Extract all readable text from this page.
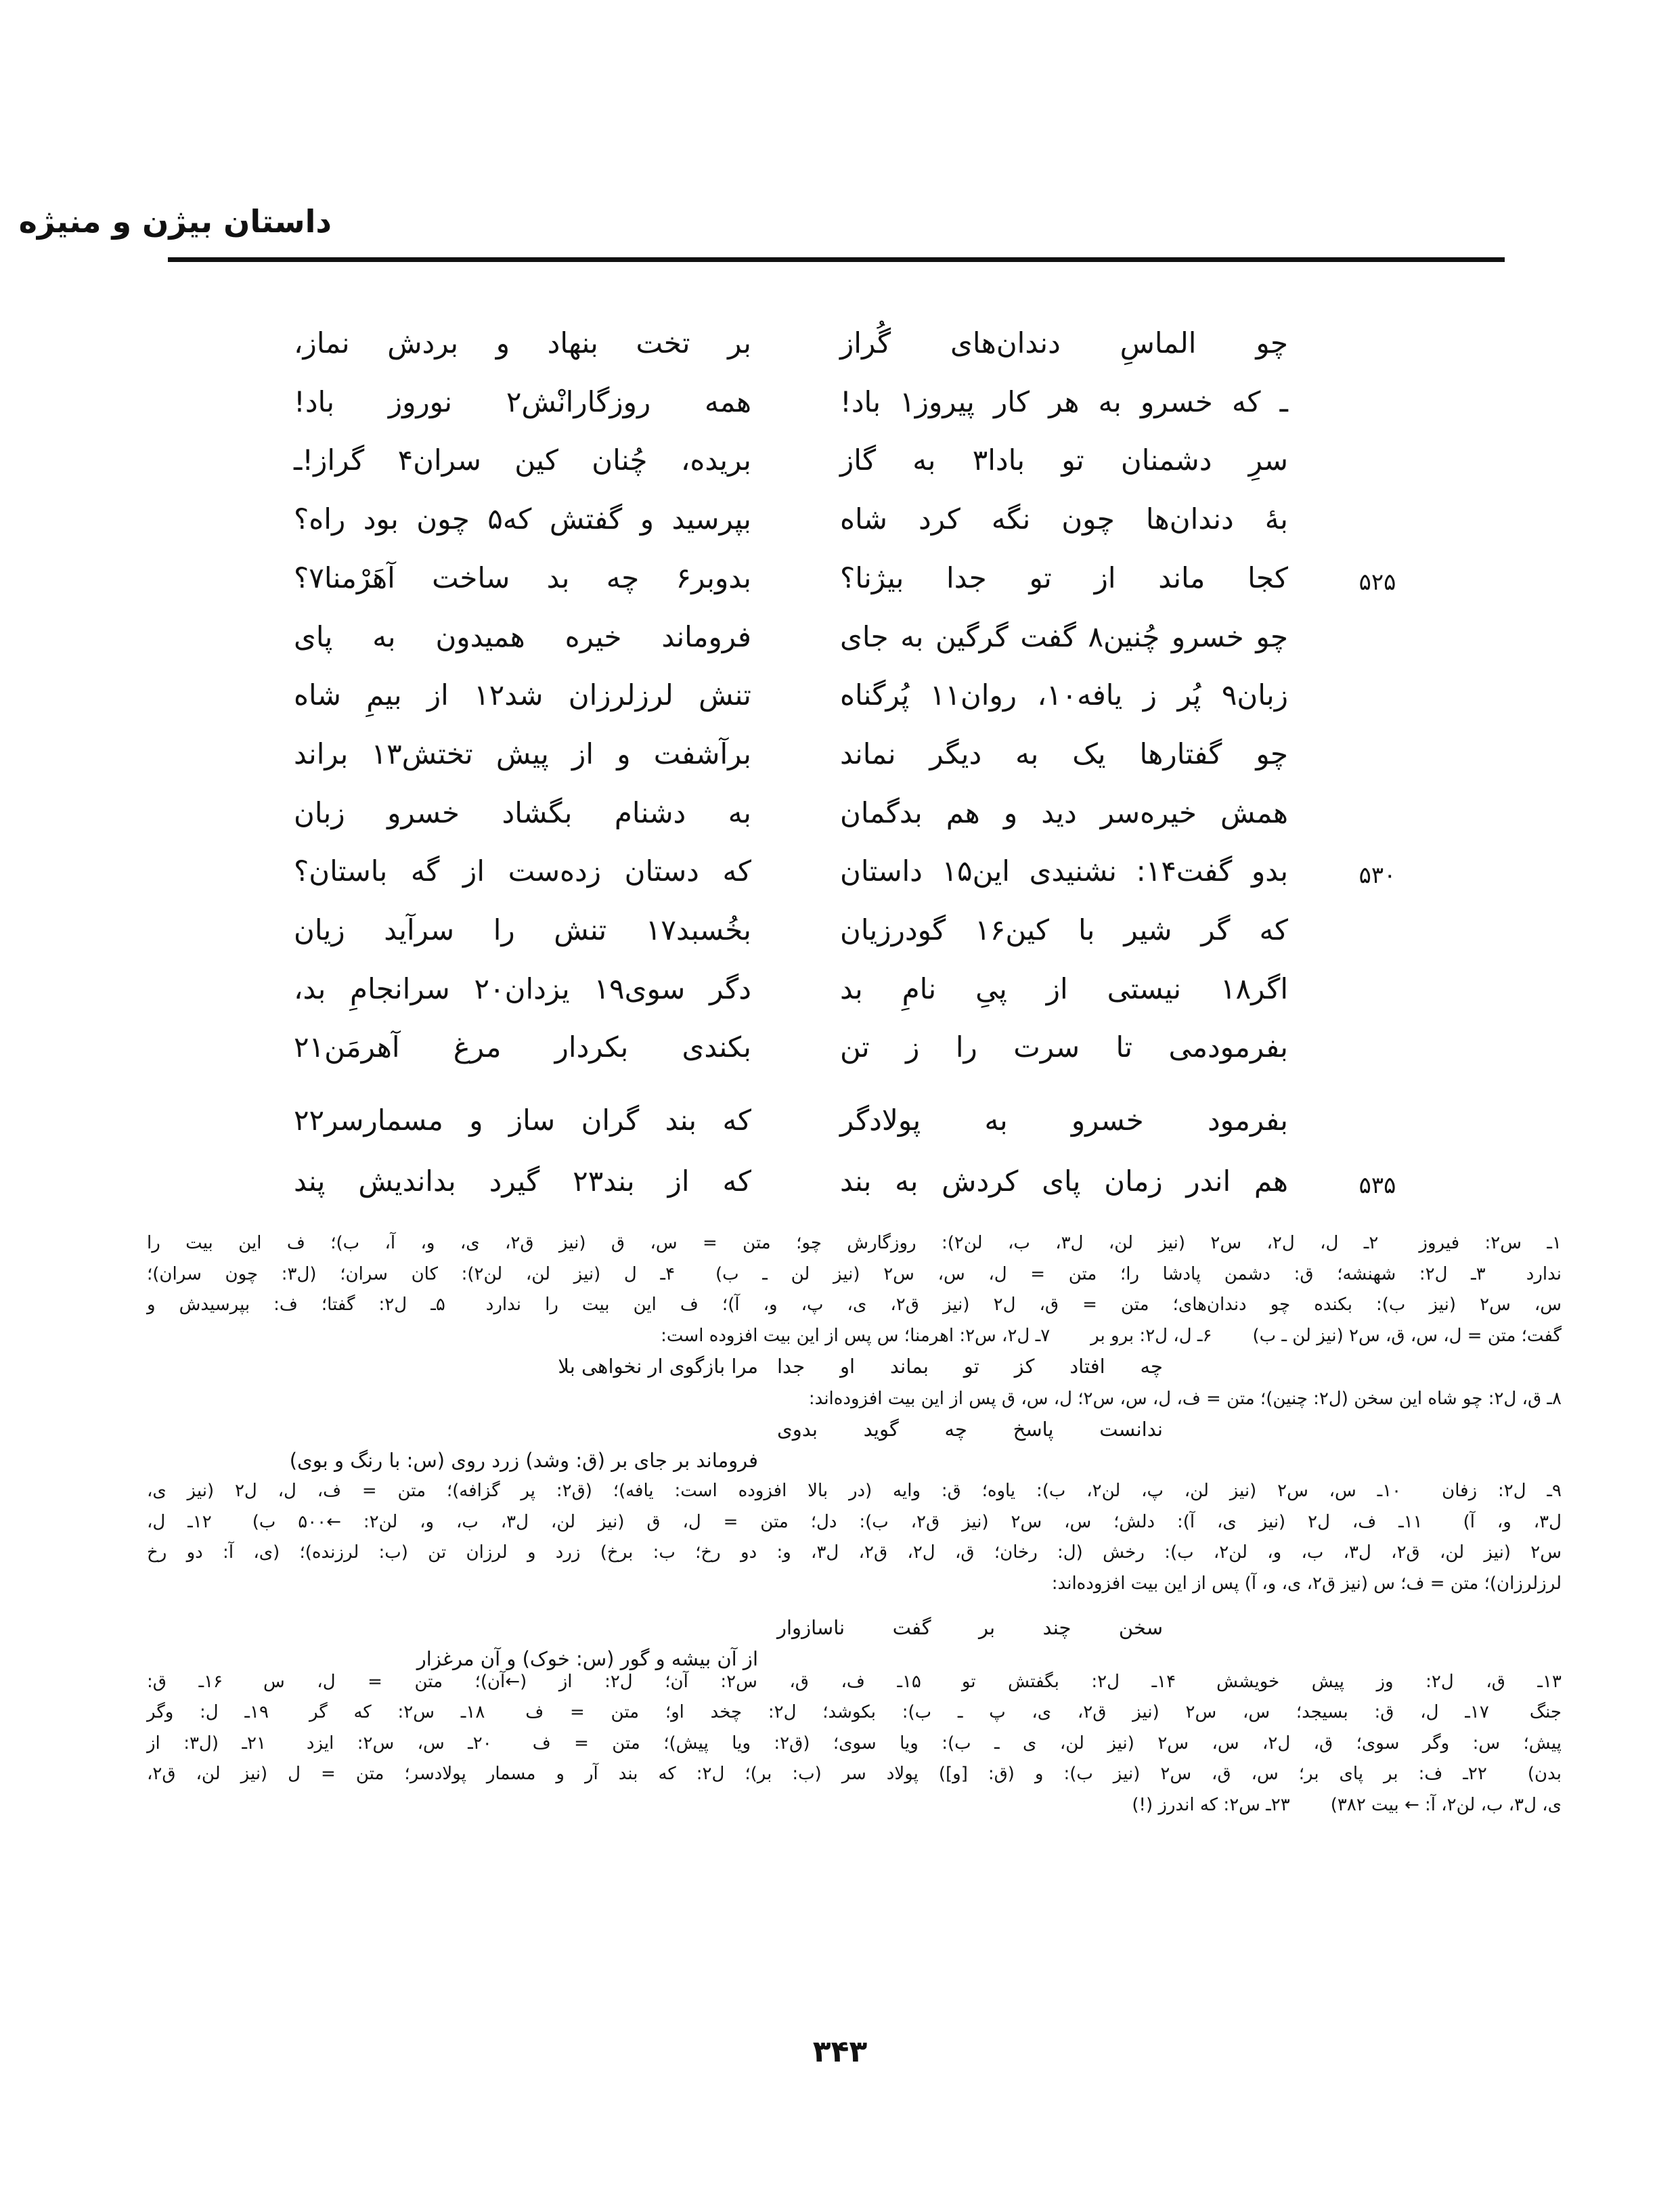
داستان بیژن و منیژه
چو الماسِ دندان‌های گُراز
بر تخت بنهاد و بردش نماز،
ـ که خسرو به هر کار پیروز۱ باد!
همه روزگارانْش۲ نوروز باد!
سرِ دشمنان تو بادا۳ به گاز
بریده، چُنان کین سران۴ گراز!ـ
بهٔ دندان‌ها چون نگه کرد شاه
بپرسید و گفتش که۵ چون بود راه؟
۵۲۵
کجا ماند از تو جدا بیژنا؟
بدوبر۶ چه بد ساخت آهَرْمنا۷؟
چو خسرو چُنین۸ گفت گرگین به جای
فروماند خیره همیدون به پای
زبان۹ پُر ز یافه۱۰، روان۱۱ پُرگناه
تنش لرزلرزان شد۱۲ از بیمِ شاه
چو گفتارها یک به دیگر نماند
برآشفت و از پیش تختش۱۳ براند
همش خیره‌سر دید و هم بدگمان
به دشنام بگشاد خسرو زبان
۵۳۰
بدو گفت۱۴: نشنیدی این۱۵ داستان
که دستان زده‌ست از گه باستان؟
که گر شیر با کین۱۶ گودرزیان
بخُسبد۱۷ تنش را سرآید زیان
اگر۱۸ نیستی از پیِ نامِ بد
دگر سوی۱۹ یزدان۲۰ سرانجامِ بد،
بفرمودمی تا سرت را ز تن
بکندی بکردار مرغ آهرمَن۲۱
بفرمود خسرو به پولادگر
که بند گران ساز و مسمارسر۲۲
۵۳۵
هم اندر زمان پای کردش به بند
که از بند۲۳ گیرد بداندیش پند
۱ـ س۲: فیروز۲ـ ل، ل۲، س۲ (نیز لن، ل۳، ب، لن۲): روزگارش چو؛ متن = س، ق (نیز ق۲، ی، و، آ، ب)؛ ف این بیت را
ندارد۳ـ ل۲: شهنشه؛ ق: دشمن پادشا را؛ متن = ل، س، س۲ (نیز لن ـ ب)۴ـ ل (نیز لن، لن۲): کان سران؛ (ل۳: چون سران)؛
س، س۲ (نیز ب): بکنده چو دندان‌های؛ متن = ق، ل۲ (نیز ق۲، ی، پ، و، آ)؛ ف این بیت را ندارد۵ـ ل۲: گفتا؛ ف: بپرسیدش و
گفت؛ متن = ل، س، ق، س۲ (نیز لن ـ ب)۶ـ ل، ل۲: برو بر۷ـ ل۲، س۲: اهرمنا؛ س پس از این بیت افزوده است:
چه افتاد کز تو بماند او جدا
مرا بازگوی ار نخواهی بلا
۸ـ ق، ل۲: چو شاه این سخن (ل۲: چنین)؛ متن = ف، ل، س، س۲؛ ل، س، ق پس از این بیت افزوده‌اند:
ندانست پاسخ چه گوید بدوی
فروماند بر جای بر (ق: وشد) زرد روی (س: با رنگ و بوی)
۹ـ ل۲: زفان۱۰ـ س، س۲ (نیز لن، پ، لن۲، ب): یاوه؛ ق: وایه (در بالا افزوده است: یافه)؛ (ق۲: پر گزافه)؛ متن = ف، ل، ل۲ (نیز ی،
ل۳، و، آ)۱۱ـ ف، ل۲ (نیز ی، آ): دلش؛ س، س۲ (نیز ق۲، ب): دل؛ متن = ل، ق (نیز لن، ل۳، ب، و، لن۲: ←۵۰۰ ب)۱۲ـ ل،
س۲ (نیز لن، ق۲، ل۳، ب، و، لن۲، ب): رخش (ل: رخان؛ ق، ل۲، ق۲، ل۳، و: دو رخ؛ ب: برخ) زرد و لرزان تن (ب: لرزنده)؛ (ی، آ: دو رخ
لرزلرزان)؛ متن = ف؛ س (نیز ق۲، ی، و، آ) پس از این بیت افزوده‌اند:
سخن چند بر گفت ناسازوار
از آن بیشه و گور (س: خوک) و آن مرغزار
۱۳ـ ق، ل۲: وز پیش خویشش۱۴ـ ل۲: بگفتش تو۱۵ـ ف، ق، س۲: آن؛ ل۲: از (←آن)؛ متن = ل، س۱۶ـ ق:
جنگ۱۷ـ ل، ق: بسیجد؛ س، س۲ (نیز ق۲، ی، پ ـ ب): بکوشد؛ ل۲: چخد او؛ متن = ف۱۸ـ س۲: که گر۱۹ـ ل: وگر
پیش؛ س: وگر سوی؛ ق، ل۲، س، س۲ (نیز لن، ی ـ ب): ویا سوی؛ (ق۲: ویا پیش)؛ متن = ف۲۰ـ س، س۲: ایزد۲۱ـ (ل۳: از
بدن)۲۲ـ ف: بر پای بر؛ س، ق، س۲ (نیز ب): و (ق: [و]) پولاد سر (ب: بر)؛ ل۲: که بند آر و مسمار پولادسر؛ متن = ل (نیز لن، ق۲،
ی، ل۳، ب، لن۲، آ: ← بیت ۳۸۲)۲۳ـ س۲: که اندرز (!)
۳۴۳
